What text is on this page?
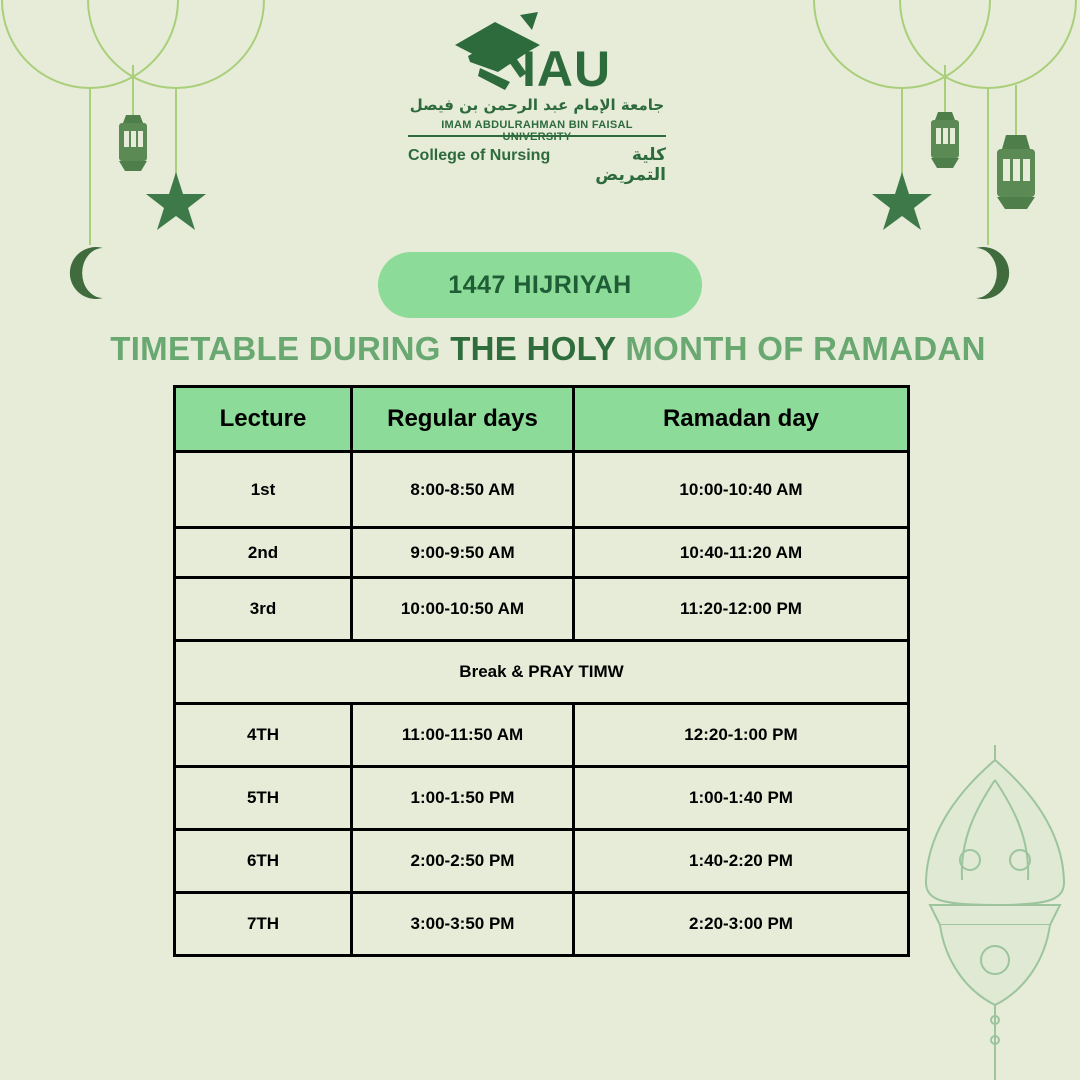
IAU
جامعة الإمام عبد الرحمن بن فيصل
IMAM ABDULRAHMAN BIN FAISAL UNIVERSITY
College of Nursing	كلية التمريض
1447 HIJRIYAH
TIMETABLE DURING THE HOLY MONTH OF RAMADAN
Lecture	Regular days	Ramadan day
1st	8:00-8:50 AM	10:00-10:40 AM
2nd	9:00-9:50 AM	10:40-11:20 AM
3rd	10:00-10:50 AM	11:20-12:00 PM
Break & PRAY TIMW		
4TH	11:00-11:50 AM	12:20-1:00 PM
5TH	1:00-1:50 PM	1:00-1:40 PM
6TH	2:00-2:50 PM	1:40-2:20 PM
7TH	3:00-3:50 PM	2:20-3:00 PM
